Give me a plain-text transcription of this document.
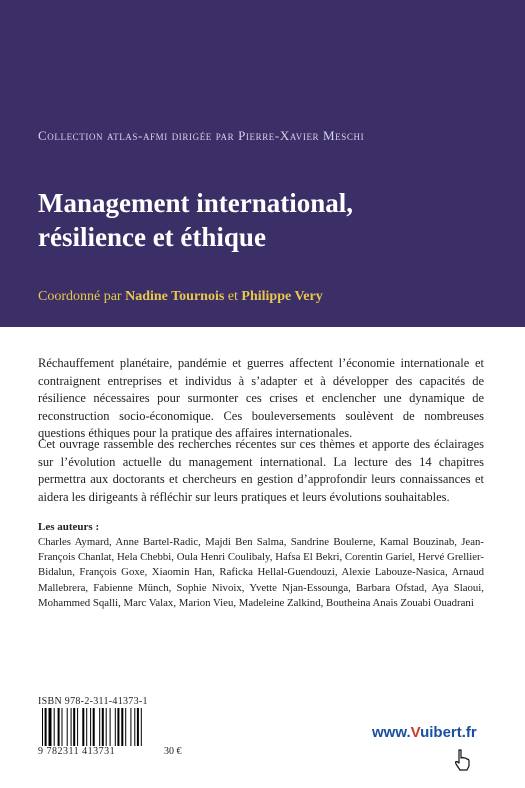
Collection atlas-afmi dirigée par Pierre-Xavier Meschi
Management international,
résilience et éthique
Coordonné par Nadine Tournois et Philippe Very
Réchauffement planétaire, pandémie et guerres affectent l’économie internationale et contraignent entreprises et individus à s’adapter et à développer des capacités de résilience nécessaires pour surmonter ces crises et enclencher une dynamique de reconstruction socio-économique. Ces bouleversements soulèvent de nombreuses questions éthiques pour la pratique des affaires internationales.
Cet ouvrage rassemble des recherches récentes sur ces thèmes et apporte des éclairages sur l’évolution actuelle du management international. La lecture des 14 chapitres permettra aux doctorants et chercheurs en gestion d’approfondir leurs connaissances et aidera les dirigeants à réfléchir sur leurs pratiques et leurs évolutions souhaitables.
Les auteurs :
Charles Aymard, Anne Bartel-Radic, Majdi Ben Salma, Sandrine Boulerne, Kamal Bouzinab, Jean-François Chanlat, Hela Chebbi, Oula Henri Coulibaly, Hafsa El Bekri, Corentin Gariel, Hervé Grellier-Bidalun, François Goxe, Xiaomin Han, Raficka Hellal-Guendouzi, Alexie Labouze-Nasica, Arnaud Mallebrera, Fabienne Münch, Sophie Nivoix, Yvette Njan-Essounga, Barbara Ofstad, Aya Slaoui, Mohammed Sqalli, Marc Valax, Marion Vieu, Madeleine Zalkind, Boutheina Anais Zouabi Ouadrani
ISBN 978-2-311-41373-1
9 782311 413731	30 €
www.Vuibert.fr
